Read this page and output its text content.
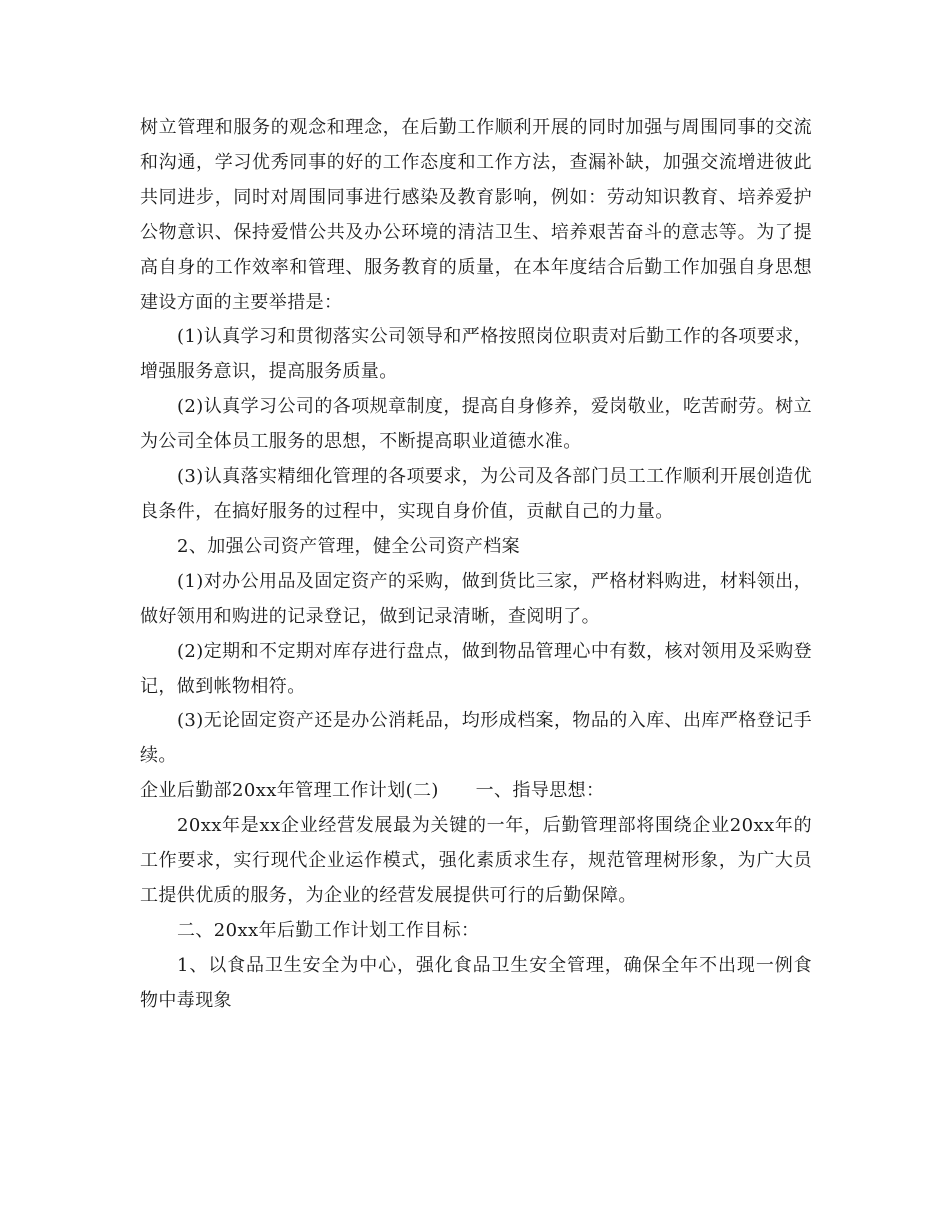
树立管理和服务的观念和理念，在后勤工作顺利开展的同时加强与周围同事的交流和沟通，学习优秀同事的好的工作态度和工作方法，查漏补缺，加强交流增进彼此共同进步，同时对周围同事进行感染及教育影响，例如：劳动知识教育、培养爱护公物意识、保持爱惜公共及办公环境的清洁卫生、培养艰苦奋斗的意志等。为了提高自身的工作效率和管理、服务教育的质量，在本年度结合后勤工作加强自身思想建设方面的主要举措是：

(1)认真学习和贯彻落实公司领导和严格按照岗位职责对后勤工作的各项要求，增强服务意识，提高服务质量。

(2)认真学习公司的各项规章制度，提高自身修养，爱岗敬业，吃苦耐劳。树立为公司全体员工服务的思想，不断提高职业道德水准。

(3)认真落实精细化管理的各项要求，为公司及各部门员工工作顺利开展创造优良条件，在搞好服务的过程中，实现自身价值，贡献自己的力量。

2、加强公司资产管理，健全公司资产档案

(1)对办公用品及固定资产的采购，做到货比三家，严格材料购进，材料领出，做好领用和购进的记录登记，做到记录清晰，查阅明了。

(2)定期和不定期对库存进行盘点，做到物品管理心中有数，核对领用及采购登记，做到帐物相符。

(3)无论固定资产还是办公消耗品，均形成档案，物品的入库、出库严格登记手续。

企业后勤部20xx年管理工作计划(二)　　一、指导思想：

20xx年是xx企业经营发展最为关键的一年，后勤管理部将围绕企业20xx年的工作要求，实行现代企业运作模式，强化素质求生存，规范管理树形象，为广大员工提供优质的服务，为企业的经营发展提供可行的后勤保障。

二、20xx年后勤工作计划工作目标：

1、以食品卫生安全为中心，强化食品卫生安全管理，确保全年不出现一例食物中毒现象
